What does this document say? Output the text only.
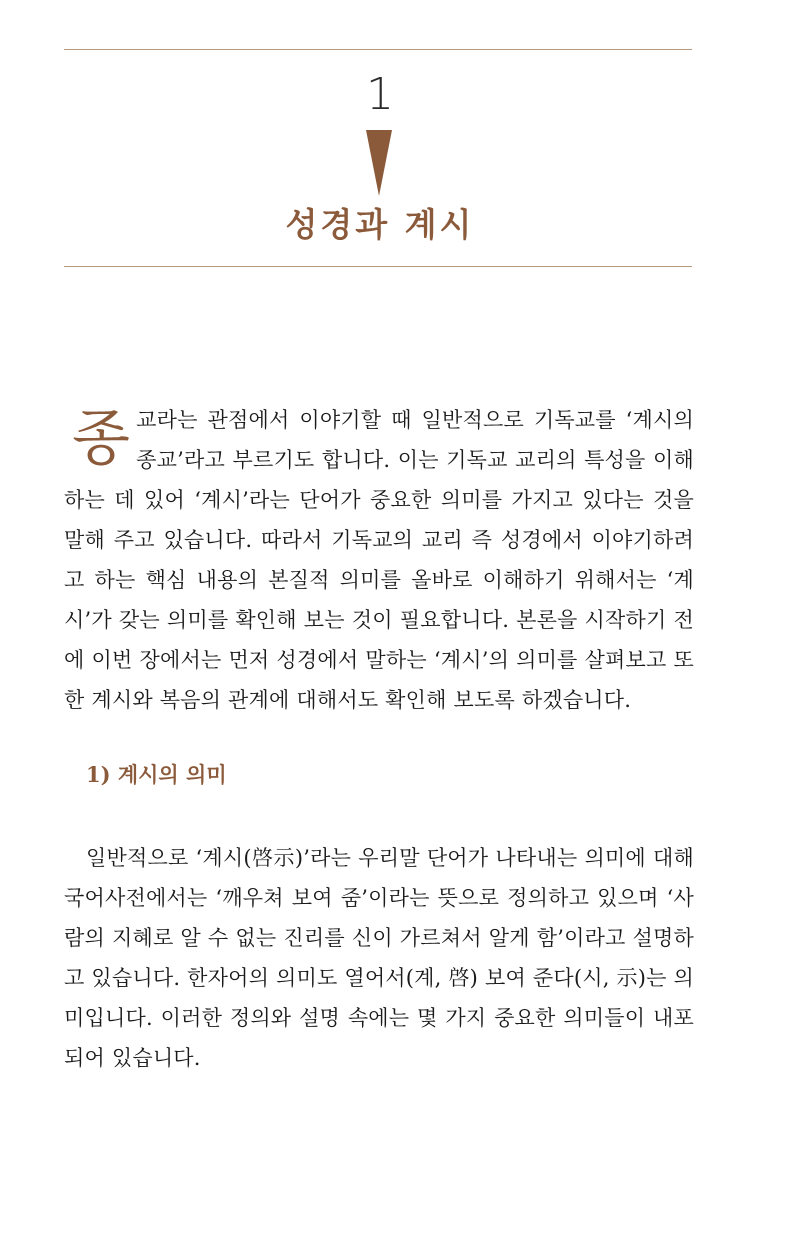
1
성경과 계시
종 교라는 관점에서 이야기할 때 일반적으로 기독교를 ‘계시의 종교’라고 부르기도 합니다. 이는 기독교 교리의 특성을 이해하는 데 있어 ‘계시’라는 단어가 중요한 의미를 가지고 있다는 것을 말해 주고 있습니다. 따라서 기독교의 교리 즉 성경에서 이야기하려고 하는 핵심 내용의 본질적 의미를 올바로 이해하기 위해서는 ‘계시’가 갖는 의미를 확인해 보는 것이 필요합니다. 본론을 시작하기 전에 이번 장에서는 먼저 성경에서 말하는 ‘계시’의 의미를 살펴보고 또한 계시와 복음의 관계에 대해서도 확인해 보도록 하겠습니다.
1) 계시의 의미
일반적으로 ‘계시(啓示)’라는 우리말 단어가 나타내는 의미에 대해 국어사전에서는 ‘깨우쳐 보여 줌’이라는 뜻으로 정의하고 있으며 ‘사람의 지혜로 알 수 없는 진리를 신이 가르쳐서 알게 함’이라고 설명하고 있습니다. 한자어의 의미도 열어서(계, 啓) 보여 준다(시, 示)는 의미입니다. 이러한 정의와 설명 속에는 몇 가지 중요한 의미들이 내포되어 있습니다.
